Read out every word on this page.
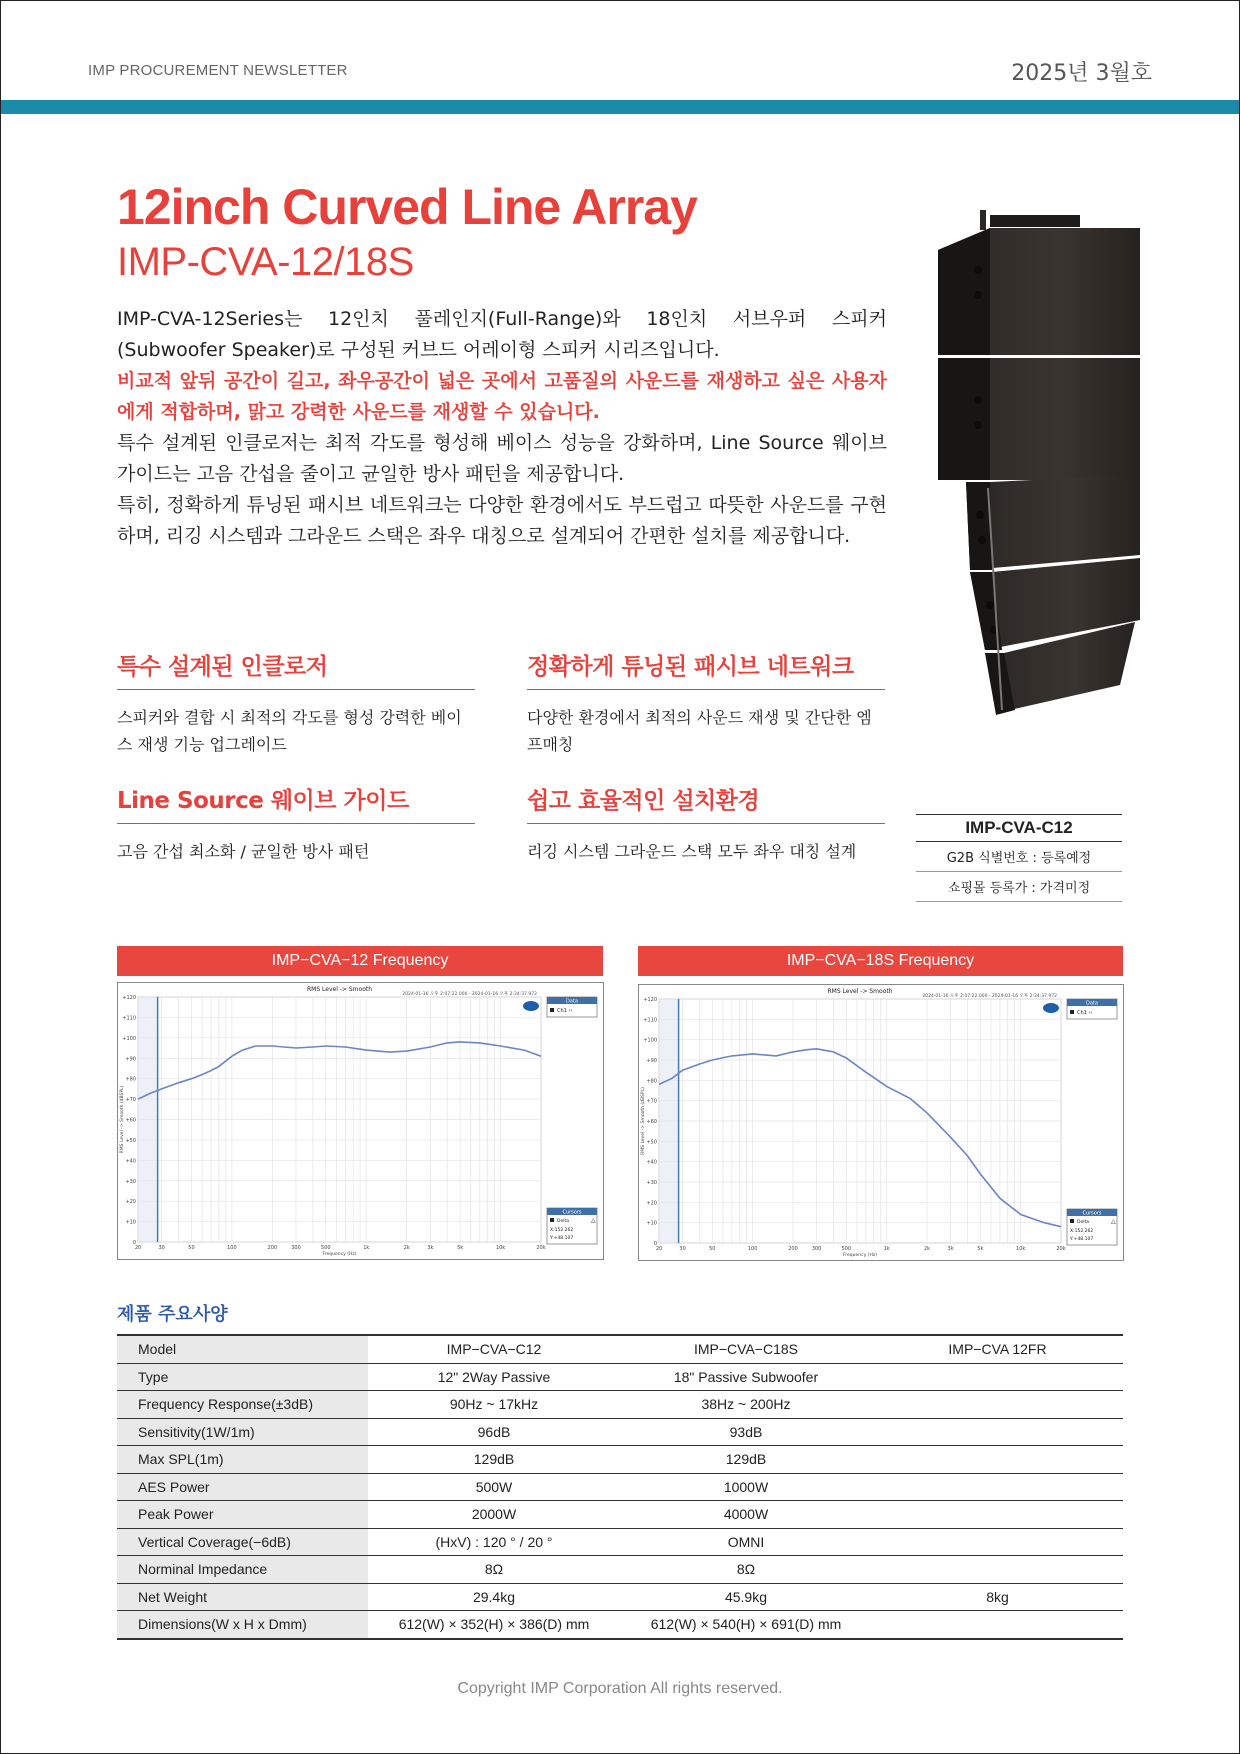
IMP PROCUREMENT NEWSLETTER	2025년 3월호
12inch Curved Line Array
IMP-CVA-12/18S

IMP-CVA-12Series는 12인치 풀레인지(Full-Range)와 18인치 서브우퍼 스피커(Subwoofer Speaker)로 구성된 커브드 어레이형 스피커 시리즈입니다.

비교적 앞뒤 공간이 길고, 좌우공간이 넓은 곳에서 고품질의 사운드를 재생하고 싶은 사용자에게 적합하며, 맑고 강력한 사운드를 재생할 수 있습니다.

특수 설계된 인클로저는 최적 각도를 형성해 베이스 성능을 강화하며, Line Source 웨이브 가이드는 고음 간섭을 줄이고 균일한 방사 패턴을 제공합니다.

특히, 정확하게 튜닝된 패시브 네트워크는 다양한 환경에서도 부드럽고 따뜻한 사운드를 구현하며, 리깅 시스템과 그라운드 스택은 좌우 대칭으로 설계되어 간편한 설치를 제공합니다.

특수 설계된 인클로저
스피커와 결합 시 최적의 각도를 형성 강력한 베이스 재생 기능 업그레이드
정확하게 튜닝된 패시브 네트워크
다양한 환경에서 최적의 사운드 재생 및 간단한 엠프매칭
Line Source 웨이브 가이드
고음 간섭 최소화 / 균일한 방사 패턴
쉽고 효율적인 설치환경
리깅 시스템 그라운드 스택 모두 좌우 대칭 설계
IMP-CVA-C12
G2B 식별번호 : 등록예정
쇼핑몰 등록가 : 가격미정
IMP−CVA−12 Frequency
0
+10
+20
+30
+40
+50
+60
+70
+80
+90
+100
+110
+120
20	30	50	100	200	300	500	1k	2k	3k	5k	10k	20k
RMS Level -> Smooth
2024-01-16 오후 2:07:22.000 - 2024-01-16 오후 2:34:37.972
Frequency (Hz)
RMS Level -> Smooth (dBSPL)
Data
Ch1 ‹›
Cursors
Delta	△
X:152.262
Y:+48.107
IMP−CVA−18S Frequency
0
+10
+20
+30
+40
+50
+60
+70
+80
+90
+100
+110
+120
20	30	50	100	200	300	500	1k	2k	3k	5k	10k	20k
RMS Level -> Smooth
2024-01-16 오후 2:07:22.000 - 2024-01-16 오후 2:34:37.972
Frequency (Hz)
RMS Level -> Smooth (dBSPL)
Data
Ch1 ‹›
Cursors
Delta	△
X:152.262
Y:+48.107
제품 주요사양
Model	IMP−CVA−C12	IMP−CVA−C18S	IMP−CVA 12FR
Type	12" 2Way Passive	18" Passive Subwoofer	
Frequency Response(±3dB)	90Hz ~ 17kHz	38Hz ~ 200Hz	
Sensitivity(1W/1m)	96dB	93dB	
Max SPL(1m)	129dB	129dB	
AES Power	500W	1000W	
Peak Power	2000W	4000W	
Vertical Coverage(−6dB)	(HxV) : 120 ° / 20 °	OMNI	
Norminal Impedance	8Ω	8Ω	
Net Weight	29.4kg	45.9kg	8kg
Dimensions(W x H x Dmm)	612(W) × 352(H) × 386(D) mm	612(W) × 540(H) × 691(D) mm	
Copyright IMP Corporation All rights reserved.
